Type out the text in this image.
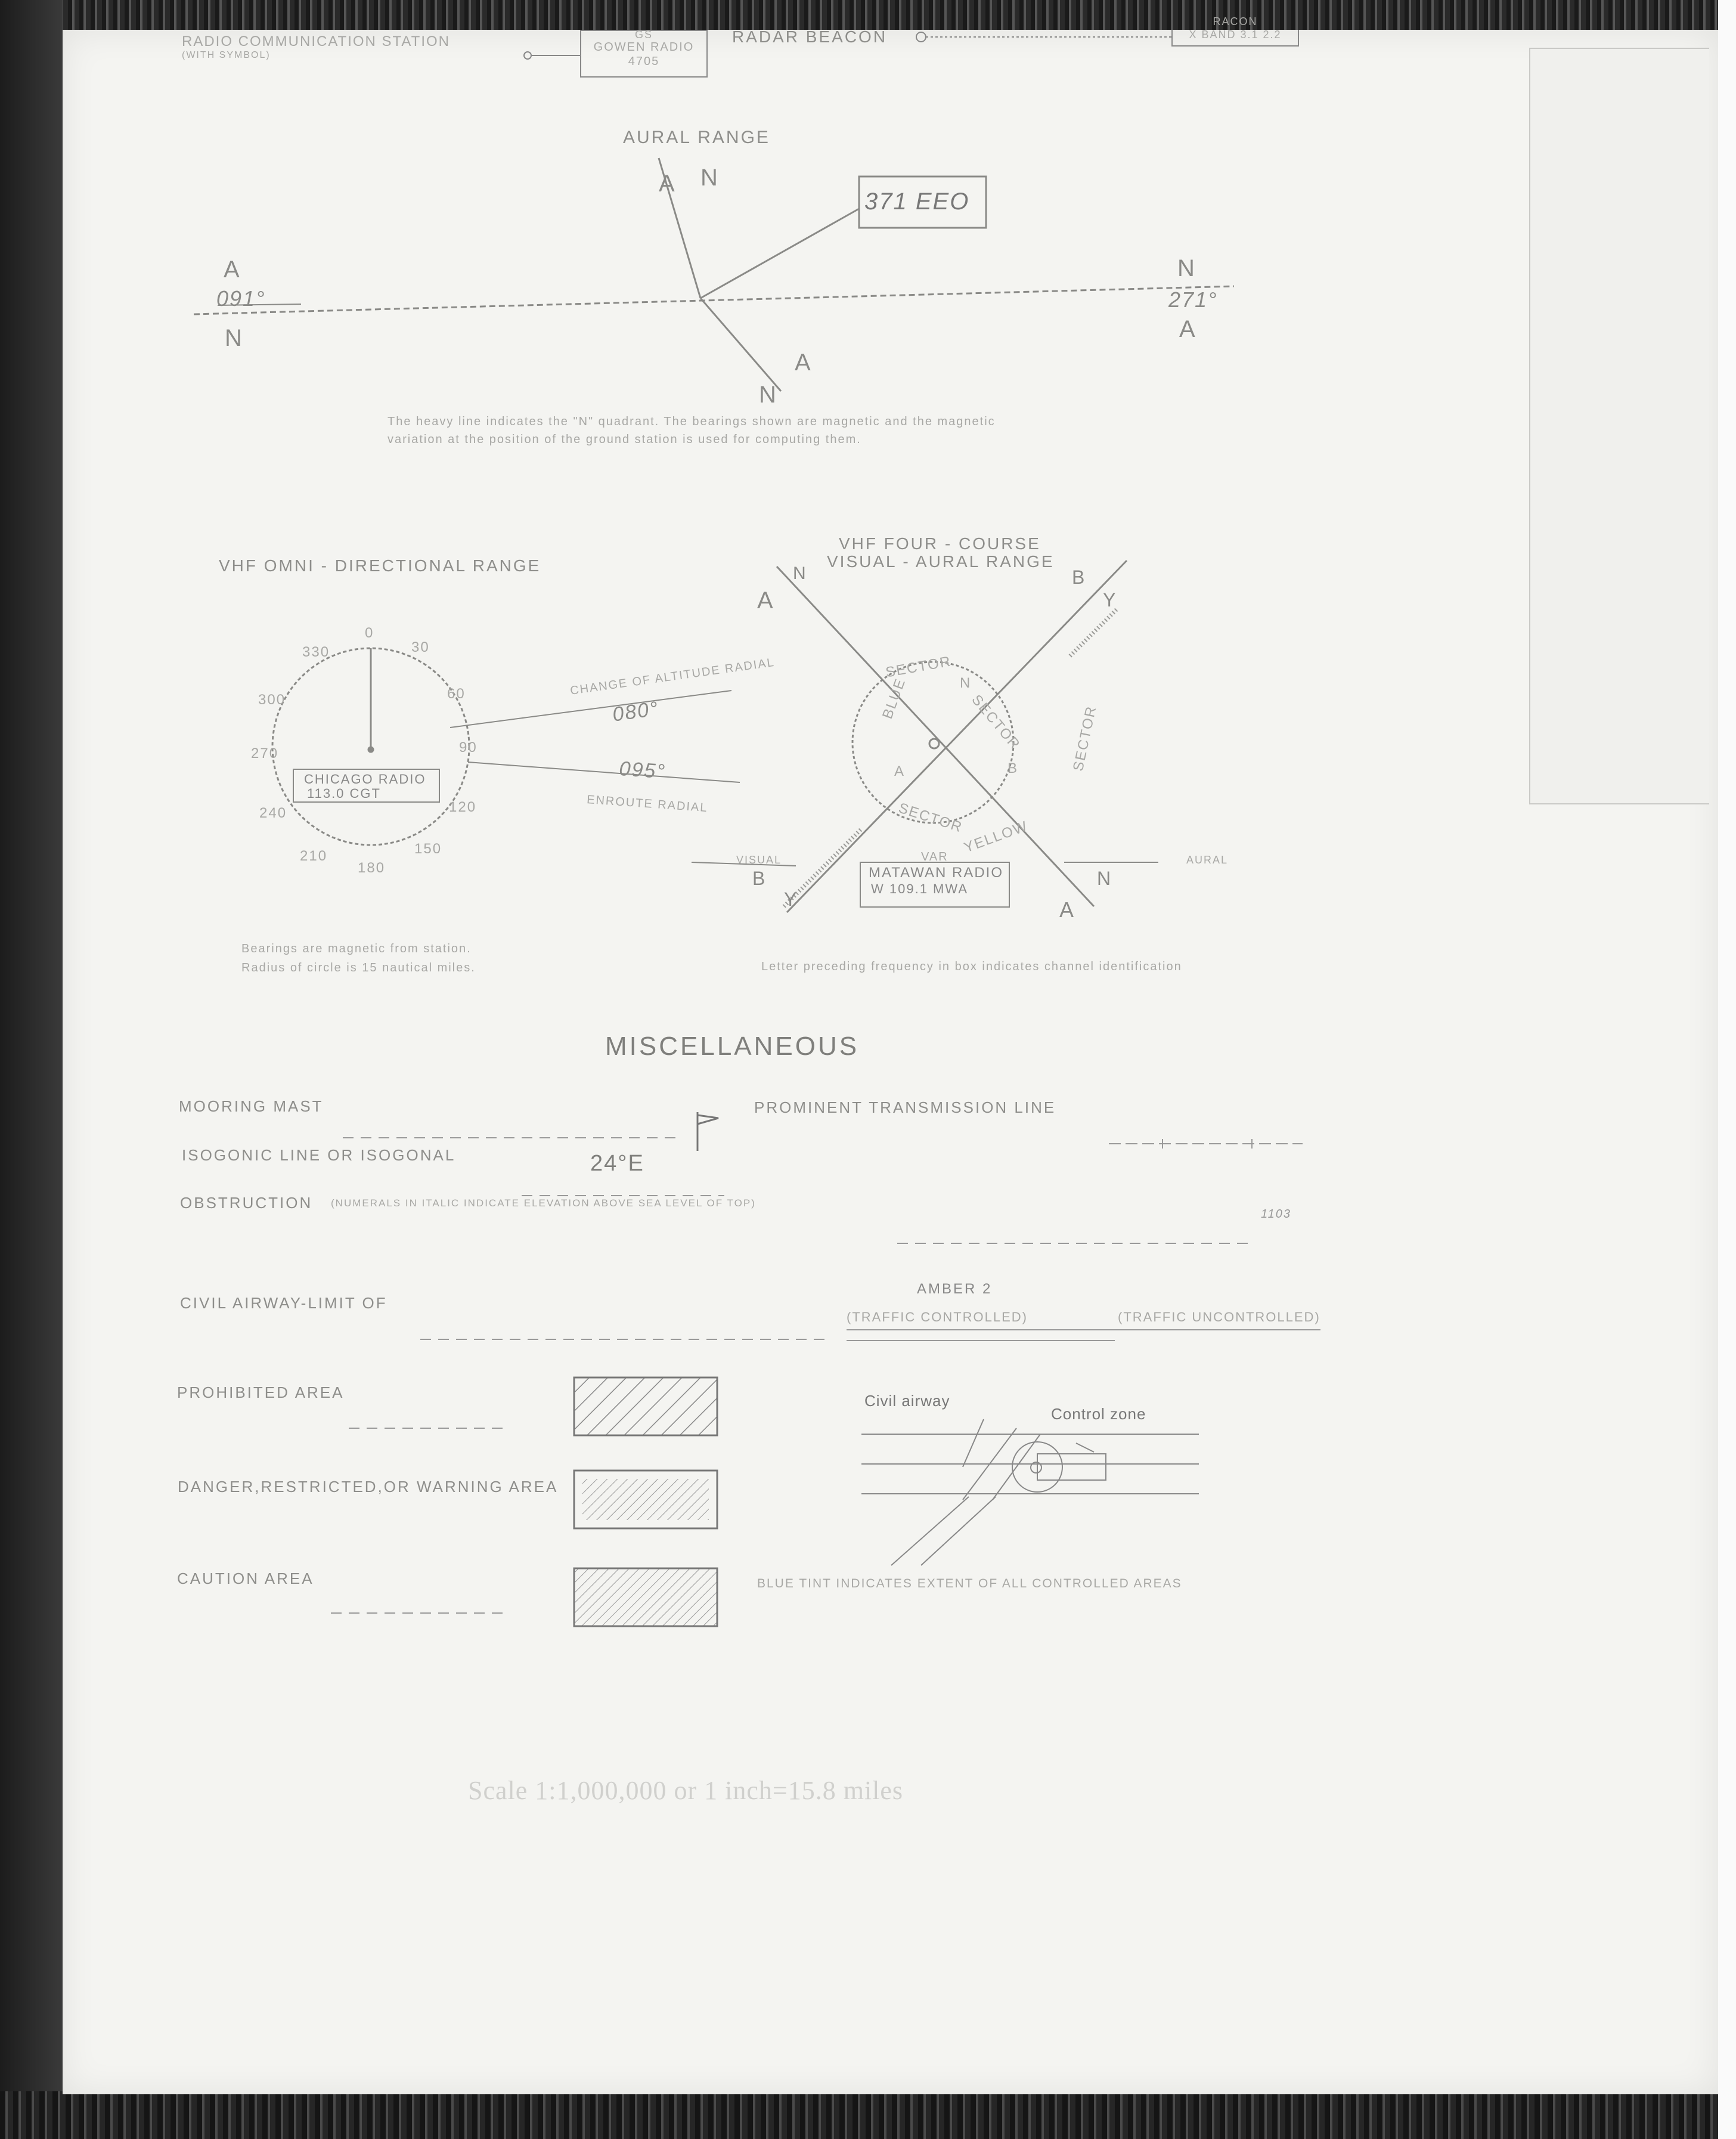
RADIO COMMUNICATION STATION
(WITH SYMBOL)
GS
GOWEN RADIO
4705
RADAR BEACON
RACON
X BAND 3.1 2.2
AURAL RANGE
371 EEO
A N
A
091°
N
N
271°
A
A
N
The heavy line indicates the "N" quadrant. The bearings shown are magnetic and the magnetic
variation at the position of the ground station is used for computing them.
VHF OMNI - DIRECTIONAL RANGE
0
30
60
90
120
150
180
210
240
270
300
330
CHICAGO RADIO
113.0 CGT
CHANGE OF ALTITUDE RADIAL
080°
095°
ENROUTE RADIAL
Bearings are magnetic from station.
Radius of circle is 15 nautical miles.
VHF FOUR - COURSE
VISUAL - AURAL RANGE
A
N	B
Y
B
Y	A
N
SECTOR
N
SECTOR
BLUE
A
SECTOR
YELLOW
SECTOR
B
VISUAL	AURAL
VAR
MATAWAN RADIO
W 109.1 MWA
Letter preceding frequency in box indicates channel identification
MISCELLANEOUS
MOORING MAST	PROMINENT TRANSMISSION LINE
ISOGONIC LINE OR ISOGONAL	24°E
OBSTRUCTION (NUMERALS IN ITALIC INDICATE ELEVATION ABOVE SEA LEVEL OF TOP)
1103
CIVIL AIRWAY-LIMIT OF
AMBER 2
(TRAFFIC CONTROLLED)	(TRAFFIC UNCONTROLLED)
PROHIBITED AREA
DANGER,RESTRICTED,OR WARNING AREA
CAUTION AREA
Civil airway
Control zone
BLUE TINT INDICATES EXTENT OF ALL CONTROLLED AREAS
Scale 1:1,000,000 or 1 inch=15.8 miles
